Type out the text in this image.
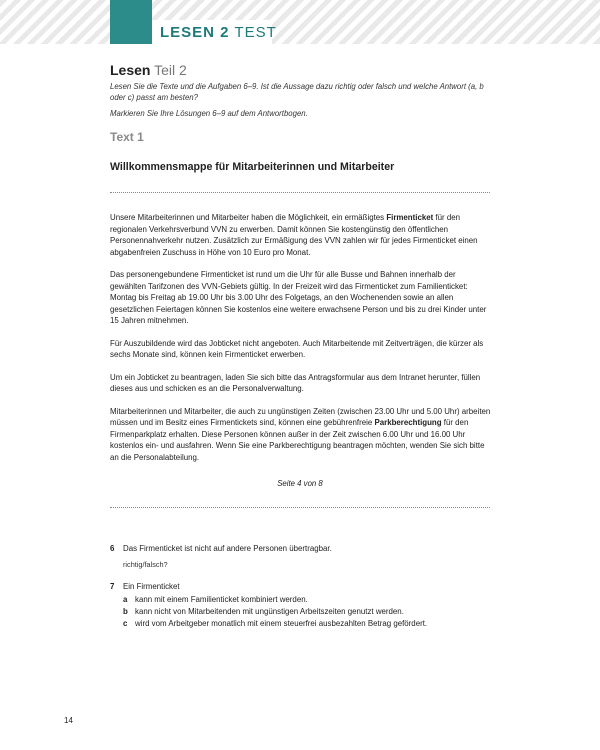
LESEN 2 TEST
Lesen Teil 2

Lesen Sie die Texte und die Aufgaben 6–9. Ist die Aussage dazu richtig oder falsch und welche Antwort (a, b oder c) passt am besten?

Markieren Sie Ihre Lösungen 6–9 auf dem Antwortbogen.

Text 1
Willkommensmappe für Mitarbeiterinnen und Mitarbeiter

Unsere Mitarbeiterinnen und Mitarbeiter haben die Möglichkeit, ein ermäßigtes Firmenticket für den regionalen Verkehrsverbund VVN zu erwerben. Damit können Sie kostengünstig den öffentlichen Personennahverkehr nutzen. Zusätzlich zur Ermäßigung des VVN zahlen wir für jedes Firmenticket einen abgabenfreien Zuschuss in Höhe von 10 Euro pro Monat.

Das personengebundene Firmenticket ist rund um die Uhr für alle Busse und Bahnen innerhalb der gewählten Tarifzonen des VVN-Gebiets gültig. In der Freizeit wird das Firmenticket zum Familienticket: Montag bis Freitag ab 19.00 Uhr bis 3.00 Uhr des Folgetags, an den Wochenenden sowie an allen gesetzlichen Feiertagen können Sie kostenlos eine weitere erwachsene Person und bis zu drei Kinder unter 15 Jahren mitnehmen.

Für Auszubildende wird das Jobticket nicht angeboten. Auch Mitarbeitende mit Zeitverträgen, die kürzer als sechs Monate sind, können kein Firmenticket erwerben.

Um ein Jobticket zu beantragen, laden Sie sich bitte das Antragsformular aus dem Intranet herunter, füllen dieses aus und schicken es an die Personalverwaltung.

Mitarbeiterinnen und Mitarbeiter, die auch zu ungünstigen Zeiten (zwischen 23.00 Uhr und 5.00 Uhr) arbeiten müssen und im Besitz eines Firmentickets sind, können eine gebührenfreie Parkberechtigung für den Firmenparkplatz erhalten. Diese Personen können außer in der Zeit zwischen 6.00 Uhr und 16.00 Uhr kostenlos ein- und ausfahren. Wenn Sie eine Parkberechtigung beantragen möchten, wenden Sie sich bitte an die Personalabteilung.

Seite 4 von 8
6 Das Firmenticket ist nicht auf andere Personen übertragbar.
richtig/falsch?
7 Ein Firmenticket
a kann mit einem Familienticket kombiniert werden.
b kann nicht von Mitarbeitenden mit ungünstigen Arbeitszeiten genutzt werden.
c wird vom Arbeitgeber monatlich mit einem steuerfrei ausbezahlten Betrag gefördert.
14
